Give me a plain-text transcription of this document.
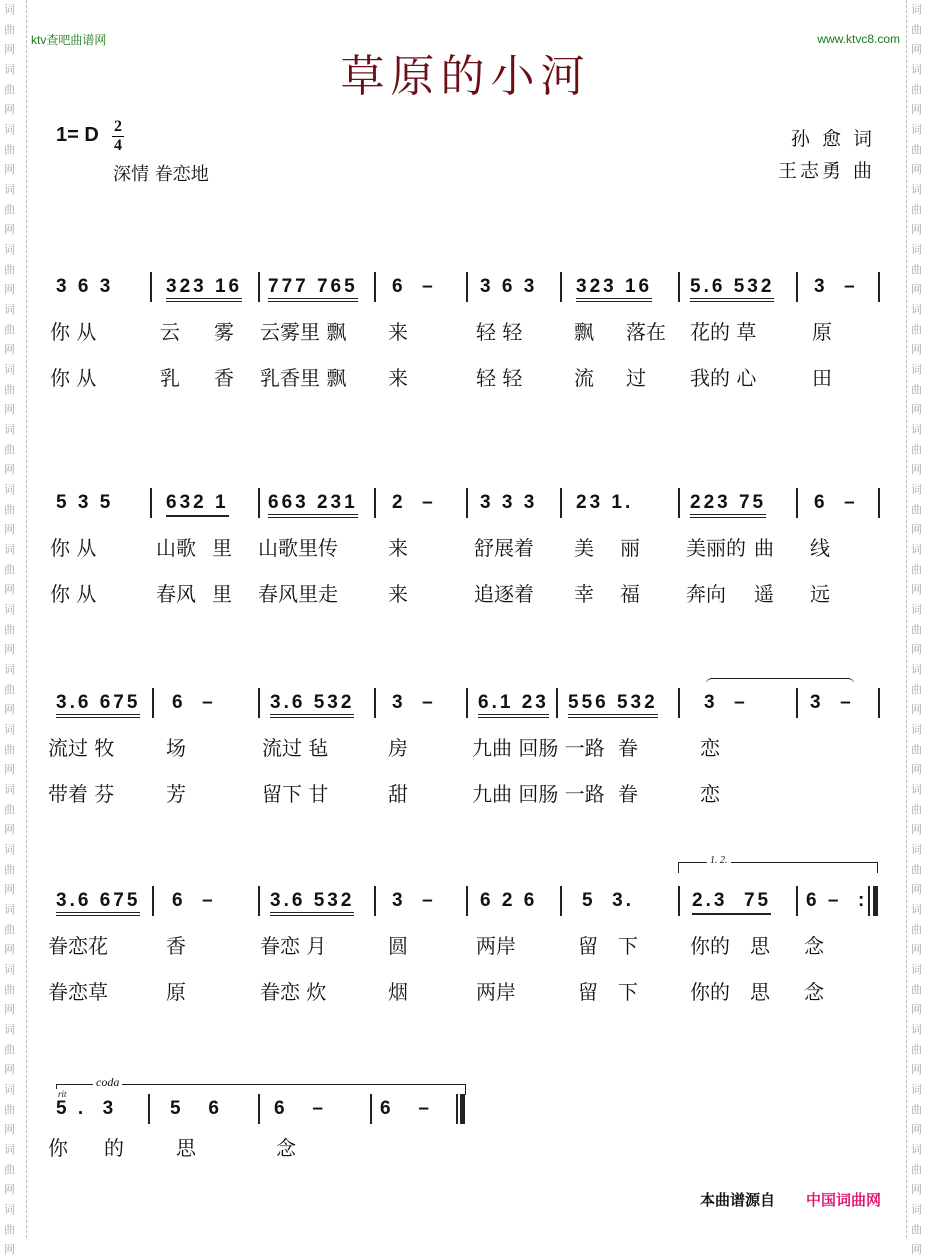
词
曲
网
词
曲
网
词
曲
网
词
曲
网
词
曲
网
词
曲
网
词
曲
网
词
曲
网
词
曲
网
词
曲
网
词
曲
网
词
曲
网
词
曲
网
词
曲
网
词
曲
网
词
曲
网
词
曲
网
词
曲
网
词
曲
网
词
曲
网
词
曲
网
词
曲
网
词
曲
网
词
曲
网
词
曲
网
词
曲
网
词
曲
网
词
曲
网
词
曲
网
词
曲
网
词
曲
网
词
曲
网
词
曲
网
词
曲
网
词
曲
网
词
曲
网
词
曲
网
词
曲
网
词
曲
网
词
曲
网
词
曲
网
词
曲
网
ktv查吧曲谱网	www.ktvc8.com
草原的小河
1= D 2
4
深情 眷恋地
孙 愈 词
王志勇 曲
3 6 3	323 16 777 765 6  – 3 6 3 323 16 5.6 532 3  –
你 从	云 雾 云雾里 飘 来	轻 轻	飘 落在 花的 草	原
你 从	乳 香 乳香里 飘 来	轻 轻	流 过 我的 心	田
5 3 5	632 1 663 231 2  – 3 3 3 23 1.	223 75	6  –
你 从	山歌 里 山歌里传	来	舒展着 美 丽 美丽的 曲 线
你 从	春风 里 春风里走	来	追逐着 幸 福 奔向 遥 远
3.6 675 6  –	3.6 532 3  – 6.1 23 556 532 3  –	3  –
流过 牧	场	流过 毡	房	九曲 回肠 一路 眷	恋
带着 芬	芳	留下 甘	甜	九曲 回肠 一路 眷	恋
1. 2.
3.6 675 6  –	3.6 532 3  – 6 2 6 5  3.	2.3  75 6 – :
眷恋花	香	眷恋 月	圆	两岸	留 下	你的 思 念
眷恋草	原	眷恋 炊	烟	两岸	留 下	你的 思 念
rit
coda
5 .  3	5   6	6   –	6   –
你 的	思	念
本曲谱源自 中国词曲网
